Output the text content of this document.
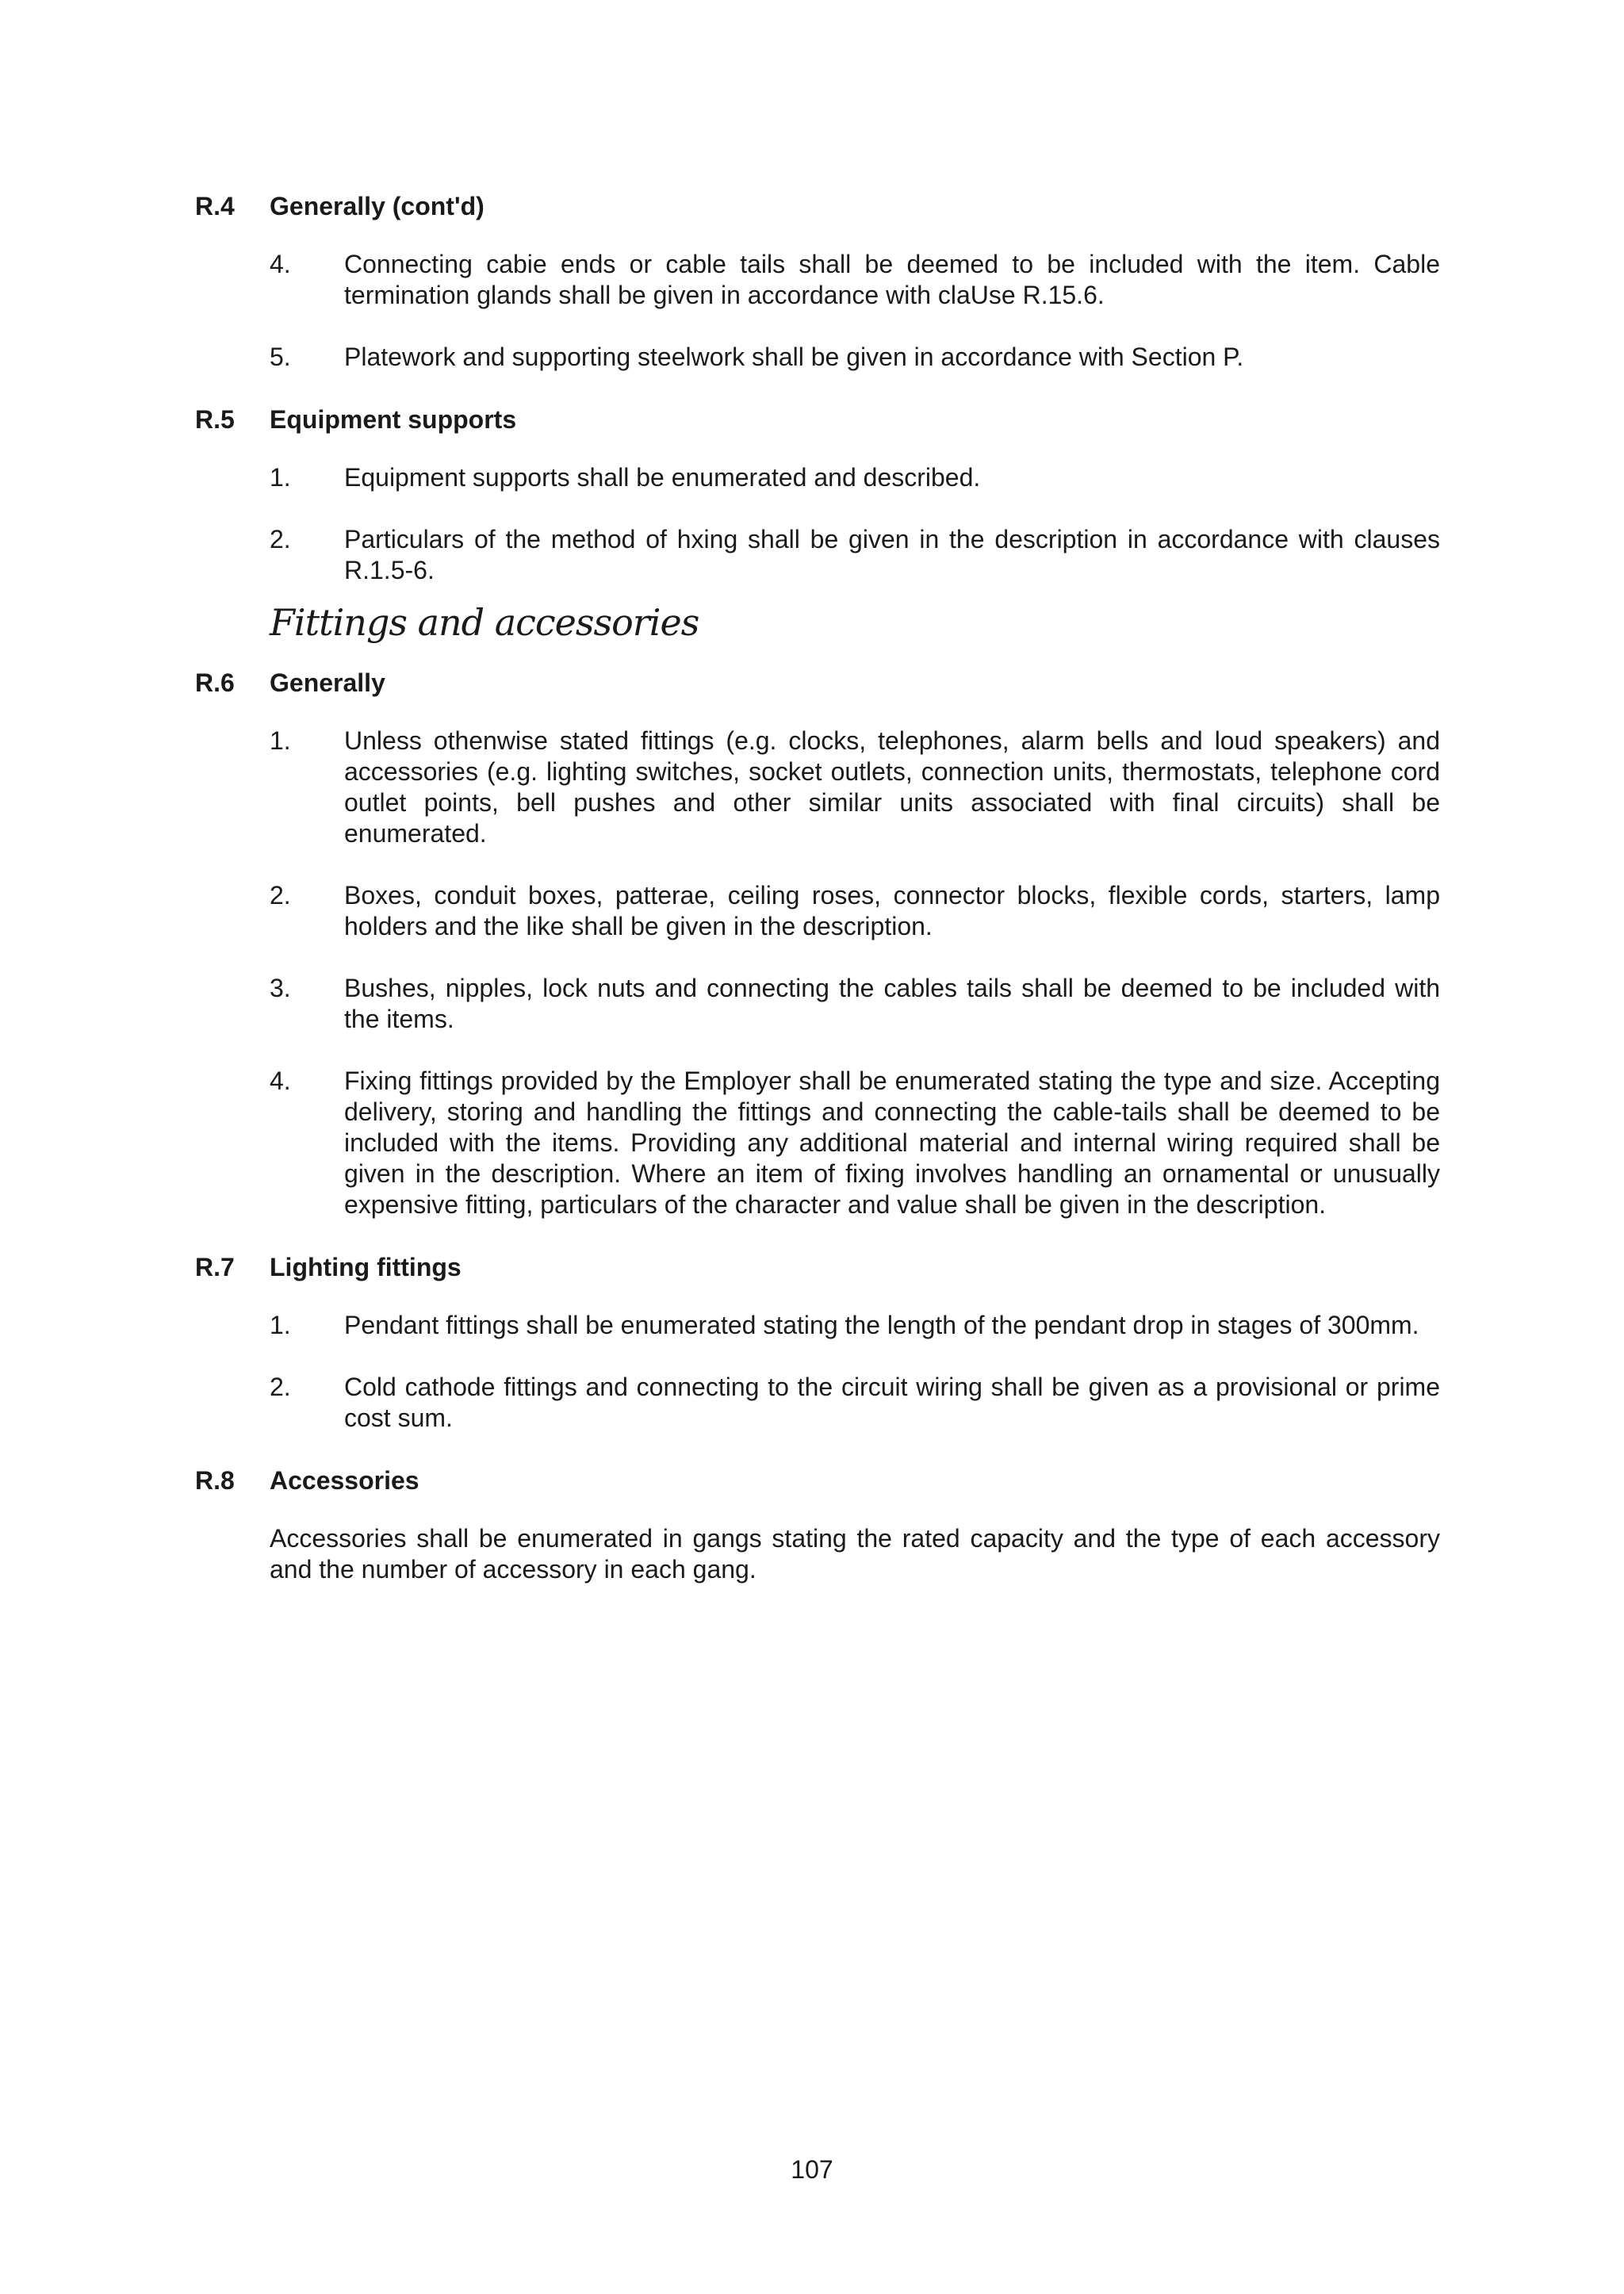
R.4	Generally (cont'd)
4.	Connecting cabie ends or cable tails shall be deemed to be included with the item. Cable termination glands shall be given in accordance with claUse R.15.6.
5.	Platework and supporting steelwork shall be given in accordance with Section P.
R.5	Equipment supports
1.	Equipment supports shall be enumerated and described.
2.	Particulars of the method of hxing shall be given in the description in accordance with clauses R.1.5-6.
Fittings and accessories
R.6	Generally
1.	Unless othenwise stated fittings (e.g. clocks, telephones, alarm bells and loud speakers) and accessories (e.g. lighting switches, socket outlets, connection units, thermostats, telephone cord outlet points, bell pushes and other similar units associated with final circuits) shall be enumerated.
2.	Boxes, conduit boxes, patterae, ceiling roses, connector blocks, flexible cords, starters, lamp holders and the like shall be given in the description.
3.	Bushes, nipples, lock nuts and connecting the cables tails shall be deemed to be included with the items.
4.	Fixing fittings provided by the Employer shall be enumerated stating the type and size. Accepting delivery, storing and handling the fittings and connecting the cable-tails shall be deemed to be included with the items. Providing any additional material and internal wiring required shall be given in the description. Where an item of fixing involves handling an ornamental or unusually expensive fitting, particulars of the character and value shall be given in the description.
R.7	Lighting fittings
1.	Pendant fittings shall be enumerated stating the length of the pendant drop in stages of 300mm.
2.	Cold cathode fittings and connecting to the circuit wiring shall be given as a provisional or prime cost sum.
R.8	Accessories
Accessories shall be enumerated in gangs stating the rated capacity and the type of each accessory and the number of accessory in each gang.
107
